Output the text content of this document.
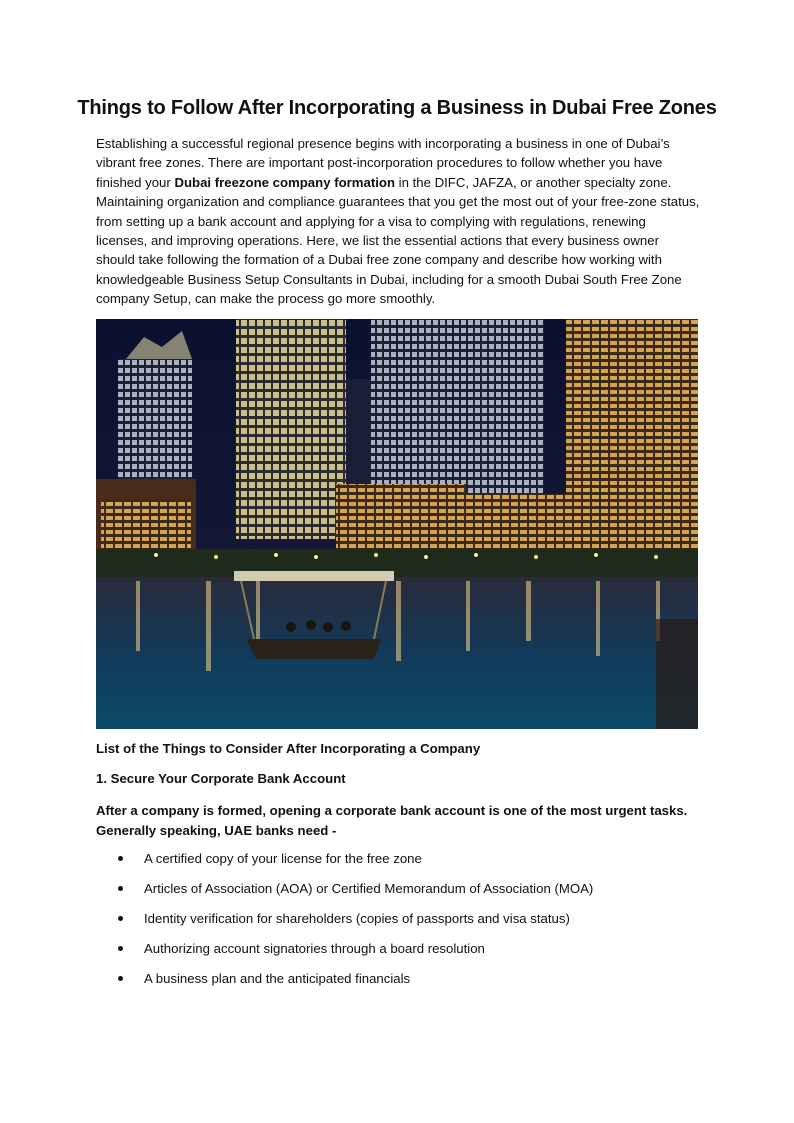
Things to Follow After Incorporating a Business in Dubai Free Zones

Establishing a successful regional presence begins with incorporating a business in one of Dubai’s vibrant free zones. There are important post-incorporation procedures to follow whether you have finished your Dubai freezone company formation in the DIFC, JAFZA, or another specialty zone. Maintaining organization and compliance guarantees that you get the most out of your free-zone status, from setting up a bank account and applying for a visa to complying with regulations, renewing licenses, and improving operations. Here, we list the essential actions that every business owner should take following the formation of a Dubai free zone company and describe how working with knowledgeable Business Setup Consultants in Dubai, including for a smooth Dubai South Free Zone company Setup, can make the process go more smoothly.

List of the Things to Consider After Incorporating a Company

1. Secure Your Corporate Bank Account

After a company is formed, opening a corporate bank account is one of the most urgent tasks. Generally speaking, UAE banks need -

A certified copy of your license for the free zone
Articles of Association (AOA) or Certified Memorandum of Association (MOA)
Identity verification for shareholders (copies of passports and visa status)
Authorizing account signatories through a board resolution
A business plan and the anticipated financials
